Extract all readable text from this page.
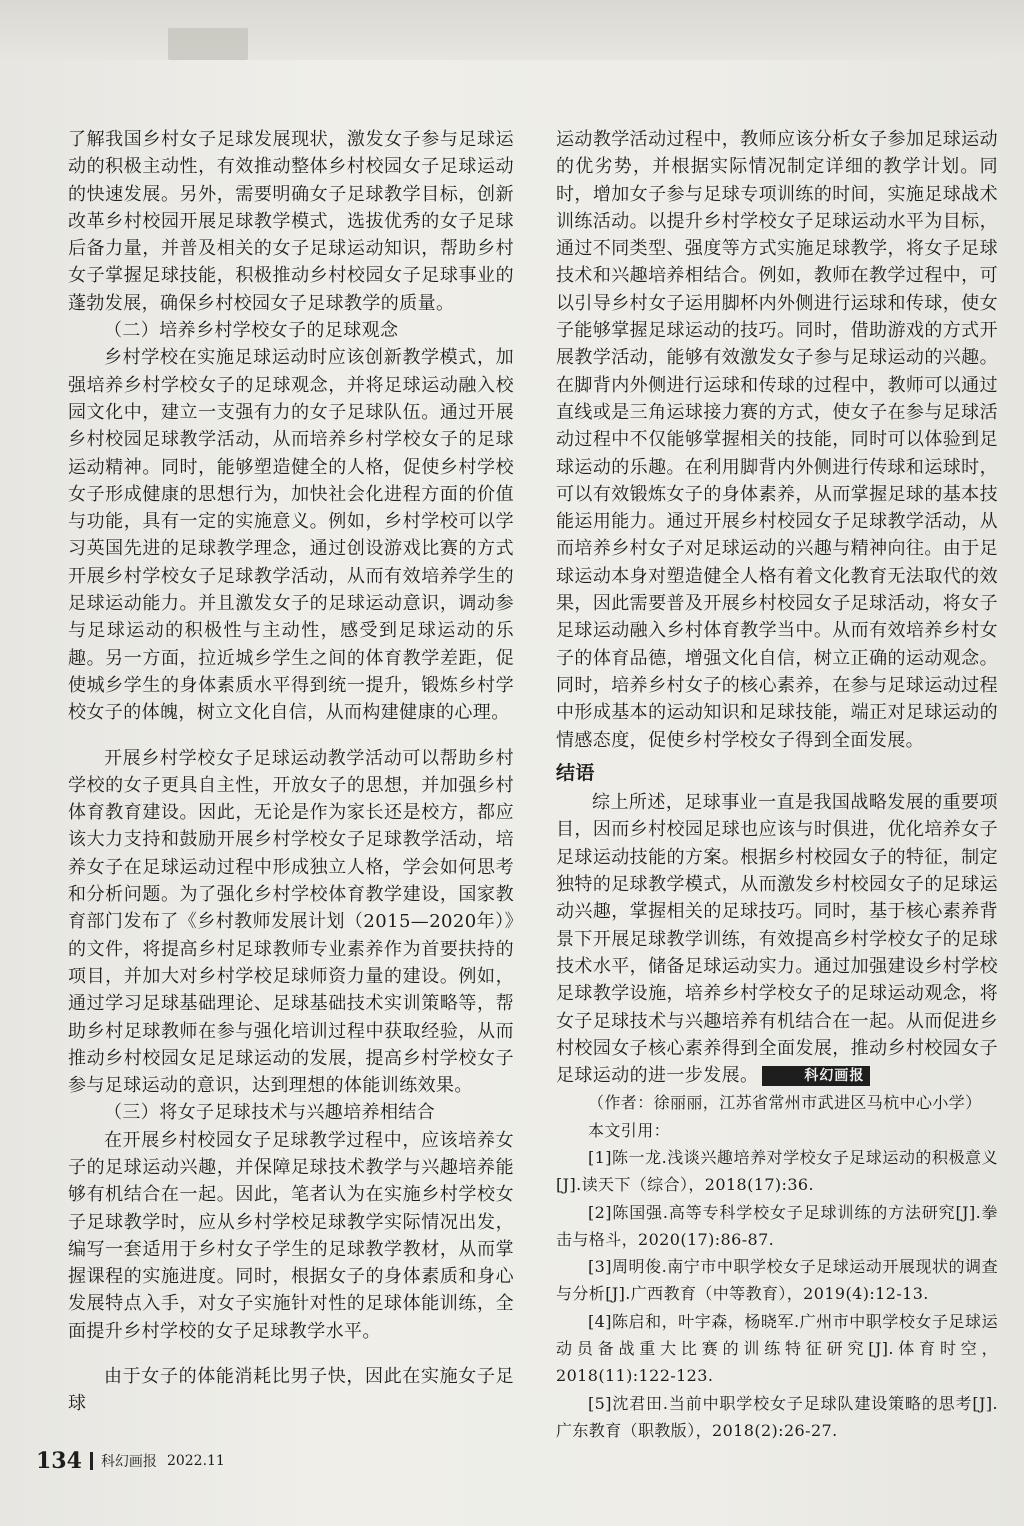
了解我国乡村女子足球发展现状，激发女子参与足球运动的积极主动性，有效推动整体乡村校园女子足球运动的快速发展。另外，需要明确女子足球教学目标，创新改革乡村校园开展足球教学模式，选拔优秀的女子足球后备力量，并普及相关的女子足球运动知识，帮助乡村女子掌握足球技能，积极推动乡村校园女子足球事业的蓬勃发展，确保乡村校园女子足球教学的质量。

（二）培养乡村学校女子的足球观念

乡村学校在实施足球运动时应该创新教学模式，加强培养乡村学校女子的足球观念，并将足球运动融入校园文化中，建立一支强有力的女子足球队伍。通过开展乡村校园足球教学活动，从而培养乡村学校女子的足球运动精神。同时，能够塑造健全的人格，促使乡村学校女子形成健康的思想行为，加快社会化进程方面的价值与功能，具有一定的实施意义。例如，乡村学校可以学习英国先进的足球教学理念，通过创设游戏比赛的方式开展乡村学校女子足球教学活动，从而有效培养学生的足球运动能力。并且激发女子的足球运动意识，调动参与足球运动的积极性与主动性，感受到足球运动的乐趣。另一方面，拉近城乡学生之间的体育教学差距，促使城乡学生的身体素质水平得到统一提升，锻炼乡村学校女子的体魄，树立文化自信，从而构建健康的心理。

开展乡村学校女子足球运动教学活动可以帮助乡村学校的女子更具自主性，开放女子的思想，并加强乡村体育教育建设。因此，无论是作为家长还是校方，都应该大力支持和鼓励开展乡村学校女子足球教学活动，培养女子在足球运动过程中形成独立人格，学会如何思考和分析问题。为了强化乡村学校体育教学建设，国家教育部门发布了《乡村教师发展计划（2015—2020年）》的文件，将提高乡村足球教师专业素养作为首要扶持的项目，并加大对乡村学校足球师资力量的建设。例如，通过学习足球基础理论、足球基础技术实训策略等，帮助乡村足球教师在参与强化培训过程中获取经验，从而推动乡村校园女足足球运动的发展，提高乡村学校女子参与足球运动的意识，达到理想的体能训练效果。

（三）将女子足球技术与兴趣培养相结合

在开展乡村校园女子足球教学过程中，应该培养女子的足球运动兴趣，并保障足球技术教学与兴趣培养能够有机结合在一起。因此，笔者认为在实施乡村学校女子足球教学时，应从乡村学校足球教学实际情况出发，编写一套适用于乡村女子学生的足球教学教材，从而掌握课程的实施进度。同时，根据女子的身体素质和身心发展特点入手，对女子实施针对性的足球体能训练，全面提升乡村学校的女子足球教学水平。

由于女子的体能消耗比男子快，因此在实施女子足球

运动教学活动过程中，教师应该分析女子参加足球运动的优劣势，并根据实际情况制定详细的教学计划。同时，增加女子参与足球专项训练的时间，实施足球战术训练活动。以提升乡村学校女子足球运动水平为目标，通过不同类型、强度等方式实施足球教学，将女子足球技术和兴趣培养相结合。例如，教师在教学过程中，可以引导乡村女子运用脚杯内外侧进行运球和传球，使女子能够掌握足球运动的技巧。同时，借助游戏的方式开展教学活动，能够有效激发女子参与足球运动的兴趣。在脚背内外侧进行运球和传球的过程中，教师可以通过直线或是三角运球接力赛的方式，使女子在参与足球活动过程中不仅能够掌握相关的技能，同时可以体验到足球运动的乐趣。在利用脚背内外侧进行传球和运球时，可以有效锻炼女子的身体素养，从而掌握足球的基本技能运用能力。通过开展乡村校园女子足球教学活动，从而培养乡村女子对足球运动的兴趣与精神向往。由于足球运动本身对塑造健全人格有着文化教育无法取代的效果，因此需要普及开展乡村校园女子足球活动，将女子足球运动融入乡村体育教学当中。从而有效培养乡村女子的体育品德，增强文化自信，树立正确的运动观念。同时，培养乡村女子的核心素养，在参与足球运动过程中形成基本的运动知识和足球技能，端正对足球运动的情感态度，促使乡村学校女子得到全面发展。

结语

综上所述，足球事业一直是我国战略发展的重要项目，因而乡村校园足球也应该与时俱进，优化培养女子足球运动技能的方案。根据乡村校园女子的特征，制定独特的足球教学模式，从而激发乡村校园女子的足球运动兴趣，掌握相关的足球技巧。同时，基于核心素养背景下开展足球教学训练，有效提高乡村学校女子的足球技术水平，储备足球运动实力。通过加强建设乡村学校足球教学设施，培养乡村学校女子的足球运动观念，将女子足球技术与兴趣培养有机结合在一起。从而促进乡村校园女子核心素养得到全面发展，推动乡村校园女子足球运动的进一步发展。	科幻画报

（作者：徐丽丽，江苏省常州市武进区马杭中心小学）

本文引用：

[1]陈一龙.浅谈兴趣培养对学校女子足球运动的积极意义[J].读天下（综合），2018(17):36.

[2]陈国强.高等专科学校女子足球训练的方法研究[J].拳击与格斗，2020(17):86-87.

[3]周明俊.南宁市中职学校女子足球运动开展现状的调查与分析[J].广西教育（中等教育），2019(4):12-13.

[4]陈启和，叶宇森，杨晓军.广州市中职学校女子足球运动员备战重大比赛的训练特征研究[J].体育时空，2018(11):122-123.

[5]沈君田.当前中职学校女子足球队建设策略的思考[J].广东教育（职教版），2018(2):26-27.

134 科幻画报 2022.11
